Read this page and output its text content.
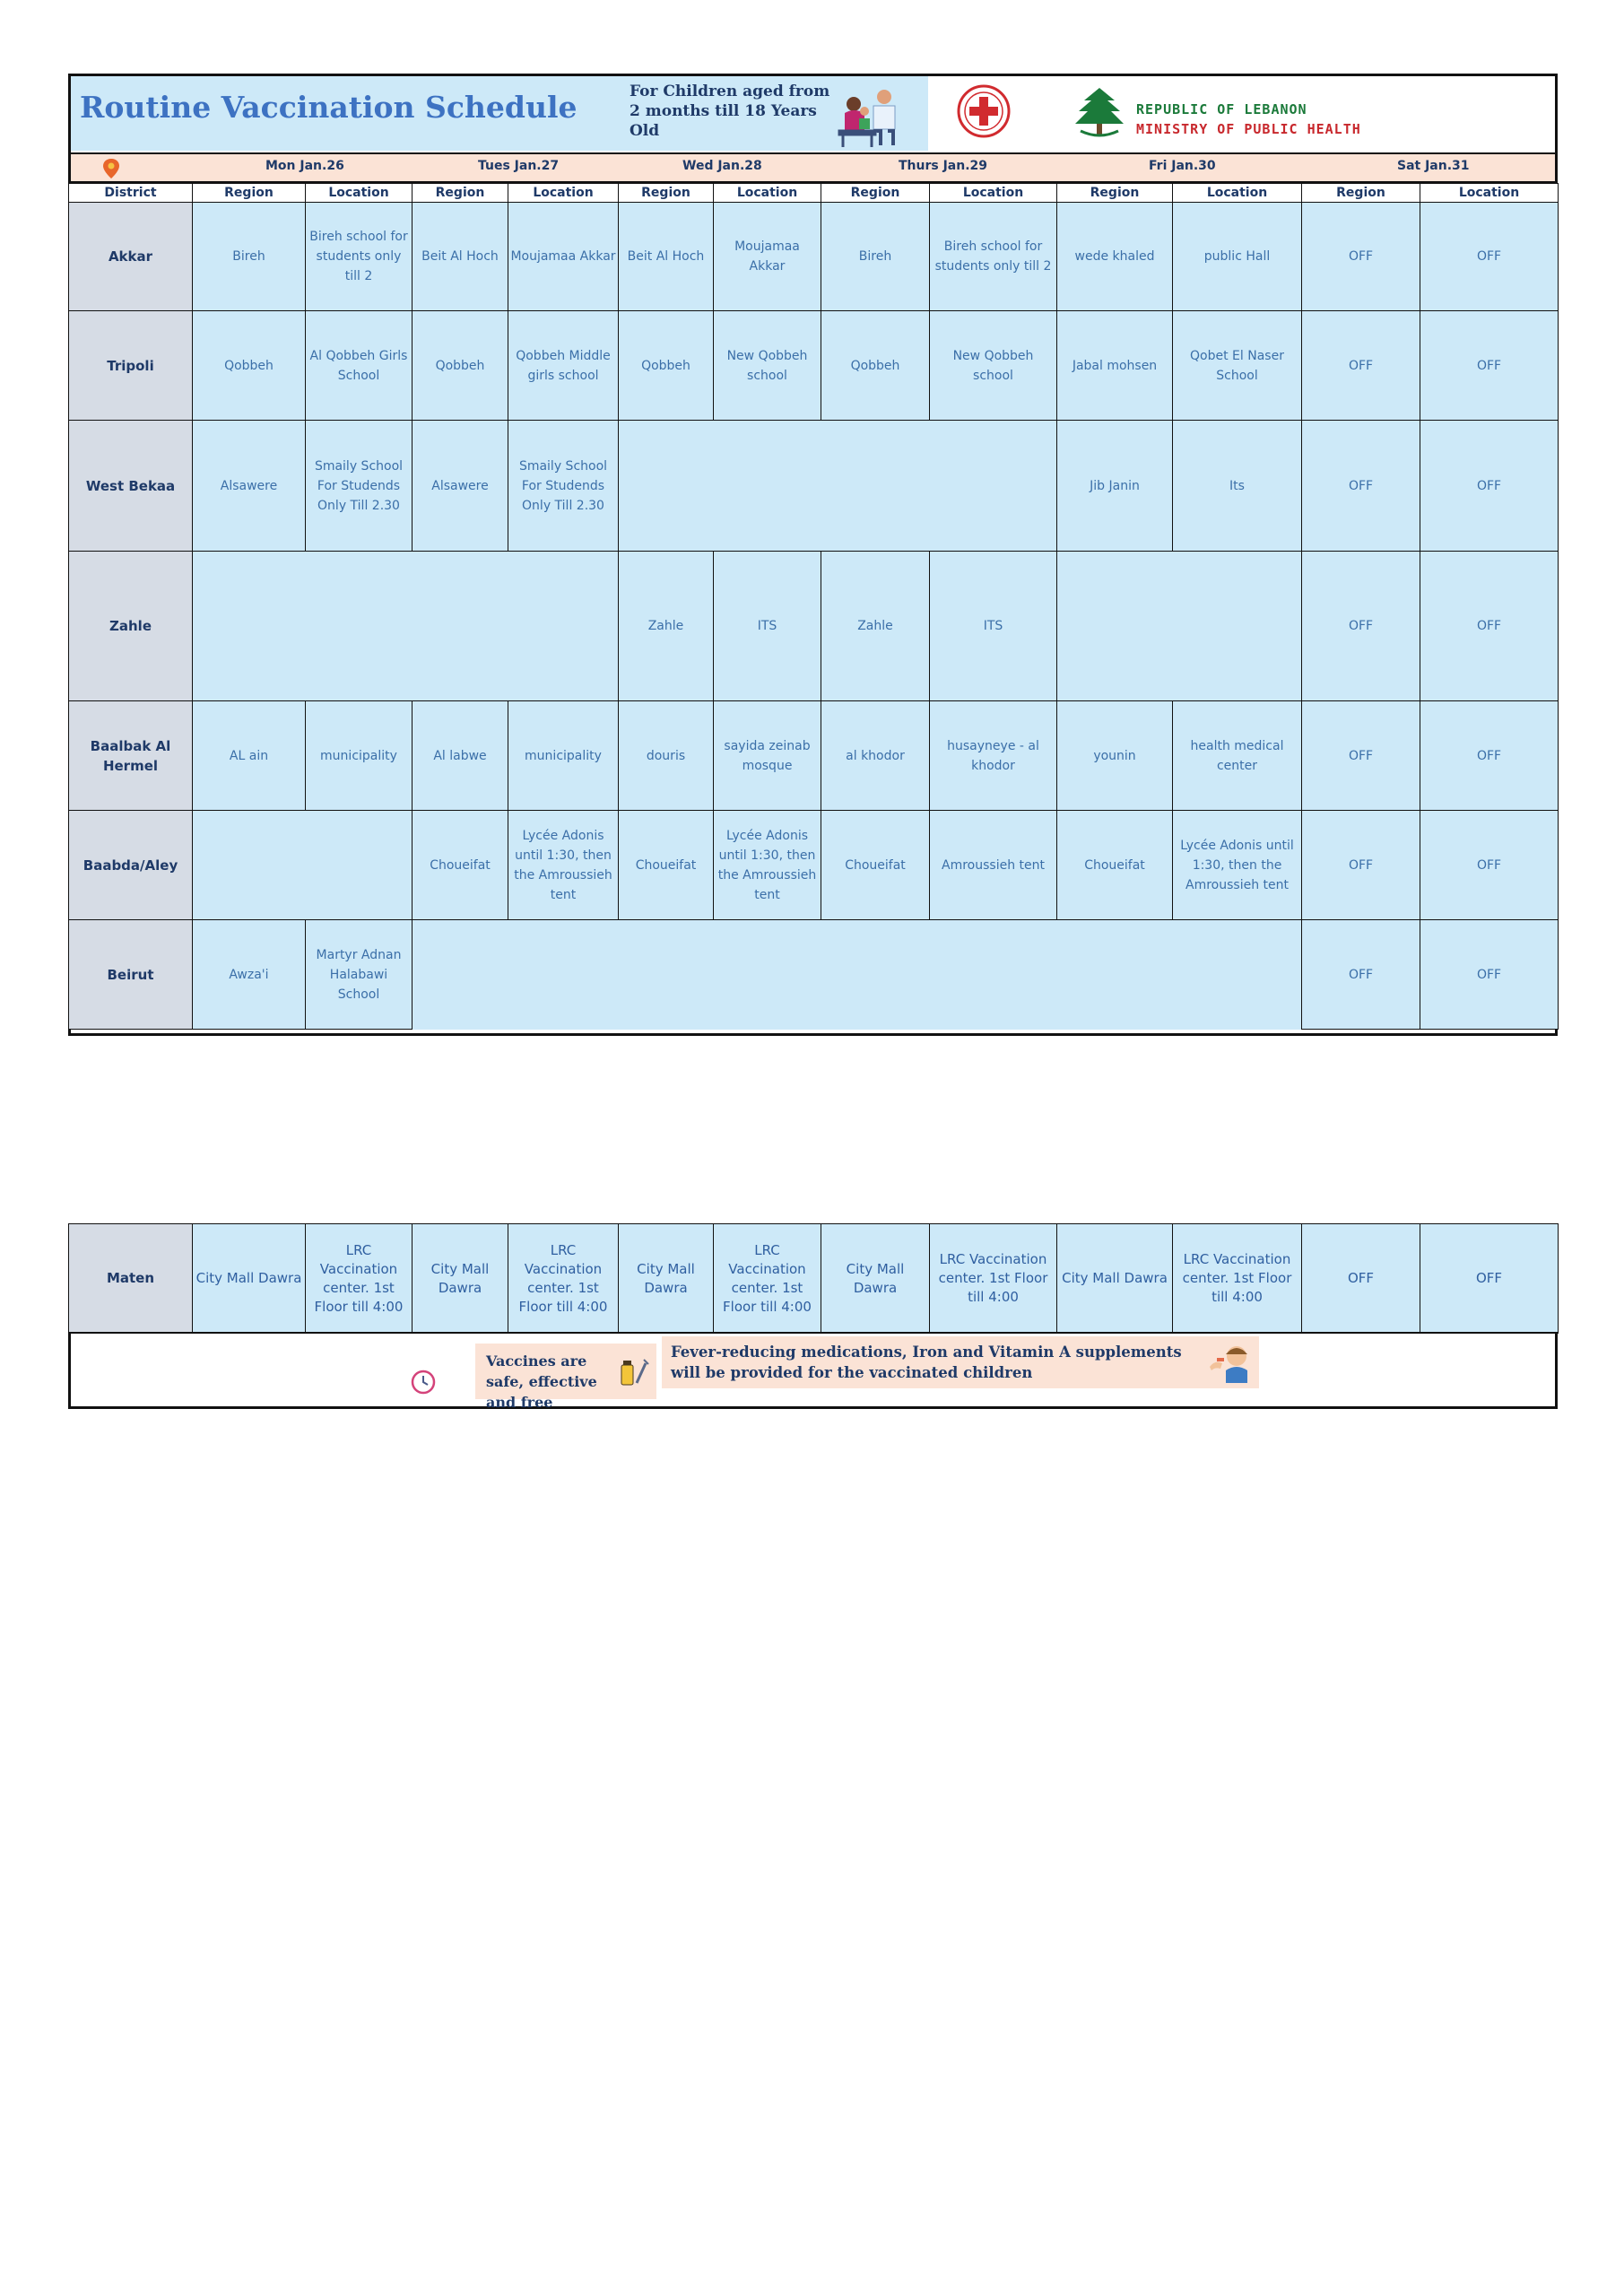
Routine Vaccination Schedule	For Children aged from 2 months till 18 Years Old
REPUBLIC OF LEBANON
MINISTRY OF PUBLIC HEALTH
Mon Jan.26	Tues Jan.27	Wed Jan.28	Thurs Jan.29	Fri Jan.30	Sat Jan.31
District	Region	Location	Region	Location	Region	Location	Region	Location	Region	Location	Region	Location
Akkar	Bireh	Bireh school for students only till 2	Beit Al Hoch	Moujamaa Akkar	Beit Al Hoch	Moujamaa Akkar	Bireh	Bireh school for students only till 2	wede khaled	public Hall	OFF	OFF
Tripoli	Qobbeh	Al Qobbeh Girls School	Qobbeh	Qobbeh Middle girls school	Qobbeh	New Qobbeh school	Qobbeh	New Qobbeh school	Jabal mohsen	Qobet El Naser School	OFF	OFF
West Bekaa	Alsawere	Smaily School For Studends Only Till 2.30	Alsawere	Smaily School For Studends Only Till 2.30					Jib Janin	Its	OFF	OFF
Zahle					Zahle	ITS	Zahle	ITS			OFF	OFF
Baalbak Al Hermel	AL ain	municipality	Al labwe	municipality	douris	sayida zeinab mosque	al khodor	husayneye - al khodor	younin	health medical center	OFF	OFF
Baabda/Aley			Choueifat	Lycée Adonis until 1:30, then the Amroussieh tent	Choueifat	Lycée Adonis until 1:30, then the Amroussieh tent	Choueifat	Amroussieh tent	Choueifat	Lycée Adonis until 1:30, then the Amroussieh tent	OFF	OFF
Beirut	Awza'i	Martyr Adnan Halabawi School									OFF	OFF
Maten	City Mall Dawra	LRC Vaccination center. 1st Floor till 4:00	City Mall Dawra	LRC Vaccination center. 1st Floor till 4:00	City Mall Dawra	LRC Vaccination center. 1st Floor till 4:00	City Mall Dawra	LRC Vaccination center. 1st Floor till 4:00	City Mall Dawra	LRC Vaccination center. 1st Floor till 4:00	OFF	OFF
Vaccines are safe, effective and free
Fever-reducing medications, Iron and Vitamin A supplements will be provided for the vaccinated children
